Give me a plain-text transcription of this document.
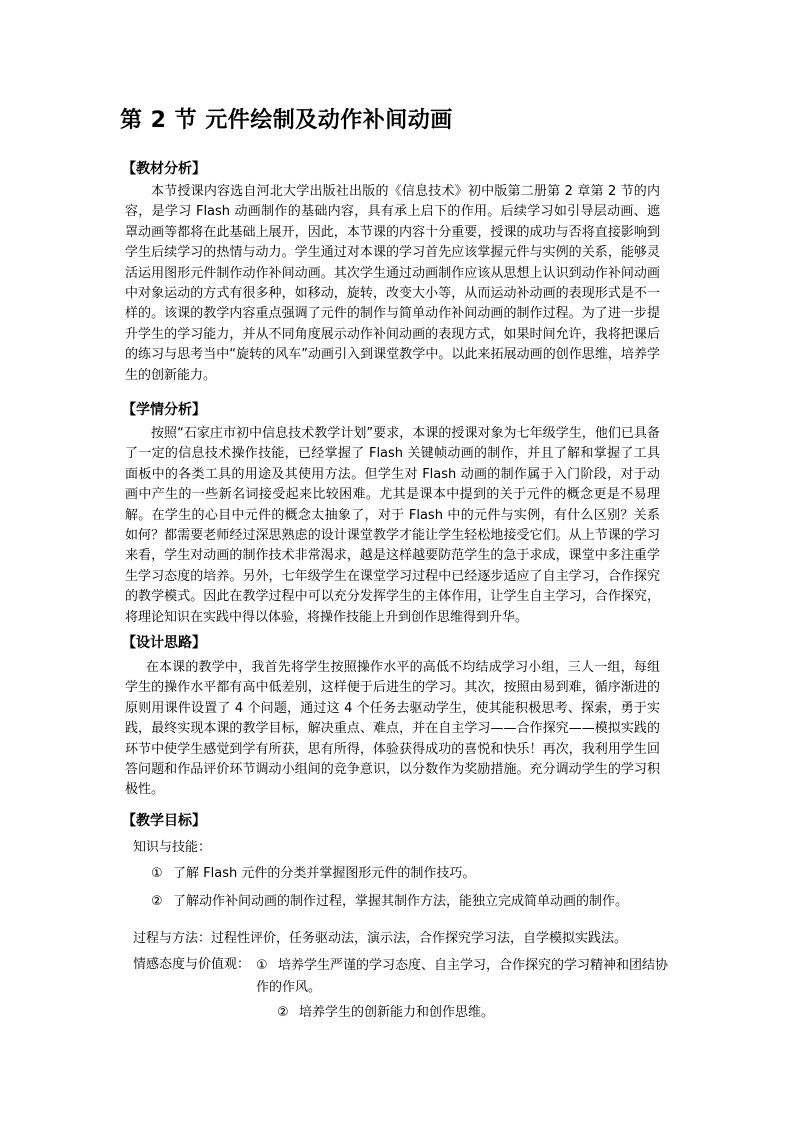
第 2 节 元件绘制及动作补间动画
【教材分析】
本节授课内容选自河北大学出版社出版的《信息技术》初中版第二册第 2 章第 2 节的内容，是学习 Flash 动画制作的基础内容，具有承上启下的作用。后续学习如引导层动画、遮罩动画等都将在此基础上展开，因此，本节课的内容十分重要，授课的成功与否将直接影响到学生后续学习的热情与动力。学生通过对本课的学习首先应该掌握元件与实例的关系，能够灵活运用图形元件制作动作补间动画。其次学生通过动画制作应该从思想上认识到动作补间动画中对象运动的方式有很多种，如移动，旋转，改变大小等，从而运动补动画的表现形式是不一样的。该课的教学内容重点强调了元件的制作与简单动作补间动画的制作过程。为了进一步提升学生的学习能力，并从不同角度展示动作补间动画的表现方式，如果时间允许，我将把课后的练习与思考当中“旋转的风车”动画引入到课堂教学中。以此来拓展动画的创作思维，培养学生的创新能力。
【学情分析】
按照“石家庄市初中信息技术教学计划”要求，本课的授课对象为七年级学生，他们已具备了一定的信息技术操作技能，已经掌握了 Flash 关键帧动画的制作，并且了解和掌握了工具面板中的各类工具的用途及其使用方法。但学生对 Flash 动画的制作属于入门阶段，对于动画中产生的一些新名词接受起来比较困难。尤其是课本中提到的关于元件的概念更是不易理解。在学生的心目中元件的概念太抽象了，对于 Flash 中的元件与实例，有什么区别？关系如何？都需要老师经过深思熟虑的设计课堂教学才能让学生轻松地接受它们。从上节课的学习来看，学生对动画的制作技术非常渴求，越是这样越要防范学生的急于求成，课堂中多注重学生学习态度的培养。另外，七年级学生在课堂学习过程中已经逐步适应了自主学习，合作探究的教学模式。因此在教学过程中可以充分发挥学生的主体作用，让学生自主学习，合作探究，将理论知识在实践中得以体验，将操作技能上升到创作思维得到升华。
【设计思路】
在本课的教学中，我首先将学生按照操作水平的高低不均结成学习小组，三人一组，每组学生的操作水平都有高中低差别，这样便于后进生的学习。其次，按照由易到难，循序渐进的原则用课件设置了 4 个问题，通过这 4 个任务去驱动学生，使其能积极思考、探索，勇于实践，最终实现本课的教学目标，解决重点、难点，并在自主学习——合作探究——模拟实践的环节中使学生感觉到学有所获，思有所得，体验获得成功的喜悦和快乐！再次，我利用学生回答问题和作品评价环节调动小组间的竞争意识，以分数作为奖励措施。充分调动学生的学习积极性。
【教学目标】
知识与技能：
① 了解 Flash 元件的分类并掌握图形元件的制作技巧。
② 了解动作补间动画的制作过程，掌握其制作方法，能独立完成简单动画的制作。
过程与方法：过程性评价，任务驱动法，演示法，合作探究学习法，自学模拟实践法。
情感态度与价值观： ① 培养学生严谨的学习态度、自主学习，合作探究的学习精神和团结协作的作风。
② 培养学生的创新能力和创作思维。
